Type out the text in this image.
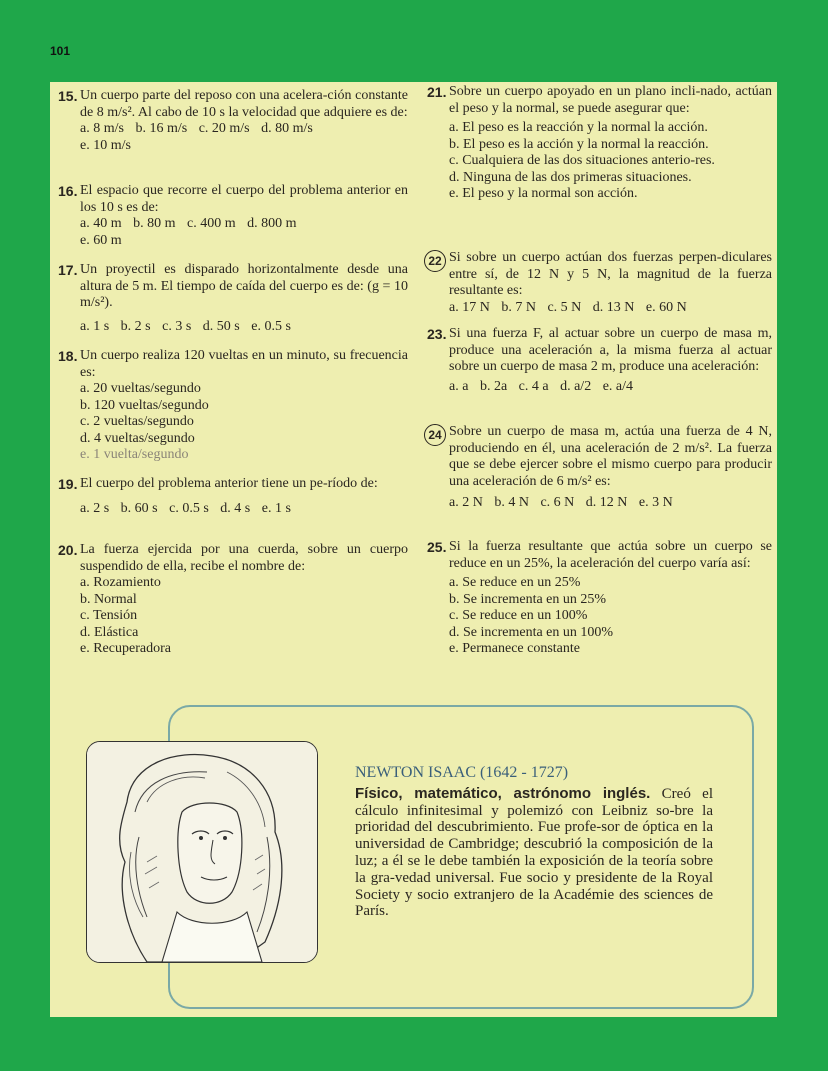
101
15. Un cuerpo parte del reposo con una acelera-ción constante de 8 m/s². Al cabo de 10 s la velocidad que adquiere es de:
a. 8 m/s b. 16 m/s c. 20 m/s d. 80 m/s
e. 10 m/s
16. El espacio que recorre el cuerpo del problema anterior en los 10 s es de:
a. 40 m b. 80 m c. 400 m d. 800 m
e. 60 m
17. Un proyectil es disparado horizontalmente desde una altura de 5 m. El tiempo de caída del cuerpo es de: (g = 10 m/s²).
a. 1 s b. 2 s c. 3 s d. 50 s e. 0.5 s
18. Un cuerpo realiza 120 vueltas en un minuto, su frecuencia es:
a. 20 vueltas/segundo
b. 120 vueltas/segundo
c. 2 vueltas/segundo
d. 4 vueltas/segundo
e. 1 vuelta/segundo
19. El cuerpo del problema anterior tiene un pe-ríodo de:
a. 2 s b. 60 s c. 0.5 s d. 4 s e. 1 s
20. La fuerza ejercida por una cuerda, sobre un cuerpo suspendido de ella, recibe el nombre de:
a. Rozamiento
b. Normal
c. Tensión
d. Elástica
e. Recuperadora
21. Sobre un cuerpo apoyado en un plano incli-nado, actúan el peso y la normal, se puede asegurar que:
a. El peso es la reacción y la normal la acción.
b. El peso es la acción y la normal la reacción.
c. Cualquiera de las dos situaciones anterio-res.
d. Ninguna de las dos primeras situaciones.
e. El peso y la normal son acción.
22 Si sobre un cuerpo actúan dos fuerzas perpen-diculares entre sí, de 12 N y 5 N, la magnitud de la fuerza resultante es:
a. 17 N b. 7 N c. 5 N d. 13 N e. 60 N
23. Si una fuerza F, al actuar sobre un cuerpo de masa m, produce una aceleración a, la misma fuerza al actuar sobre un cuerpo de masa 2 m, produce una aceleración:
a. a b. 2a c. 4 a d. a/2 e. a/4
24 Sobre un cuerpo de masa m, actúa una fuerza de 4 N, produciendo en él, una aceleración de 2 m/s². La fuerza que se debe ejercer sobre el mismo cuerpo para producir una aceleración de 6 m/s² es:
a. 2 N b. 4 N c. 6 N d. 12 N e. 3 N
25. Si la fuerza resultante que actúa sobre un cuerpo se reduce en un 25%, la aceleración del cuerpo varía así:
a. Se reduce en un 25%
b. Se incrementa en un 25%
c. Se reduce en un 100%
d. Se incrementa en un 100%
e. Permanece constante
NEWTON ISAAC (1642 - 1727)
Físico, matemático, astrónomo inglés. Creó el cálculo infinitesimal y polemizó con Leibniz so-bre la prioridad del descubrimiento. Fue profe-sor de óptica en la universidad de Cambridge; descubrió la composición de la luz; a él se le debe también la exposición de la teoría sobre la gra-vedad universal. Fue socio y presidente de la Royal Society y socio extranjero de la Académie des sciences de París.
